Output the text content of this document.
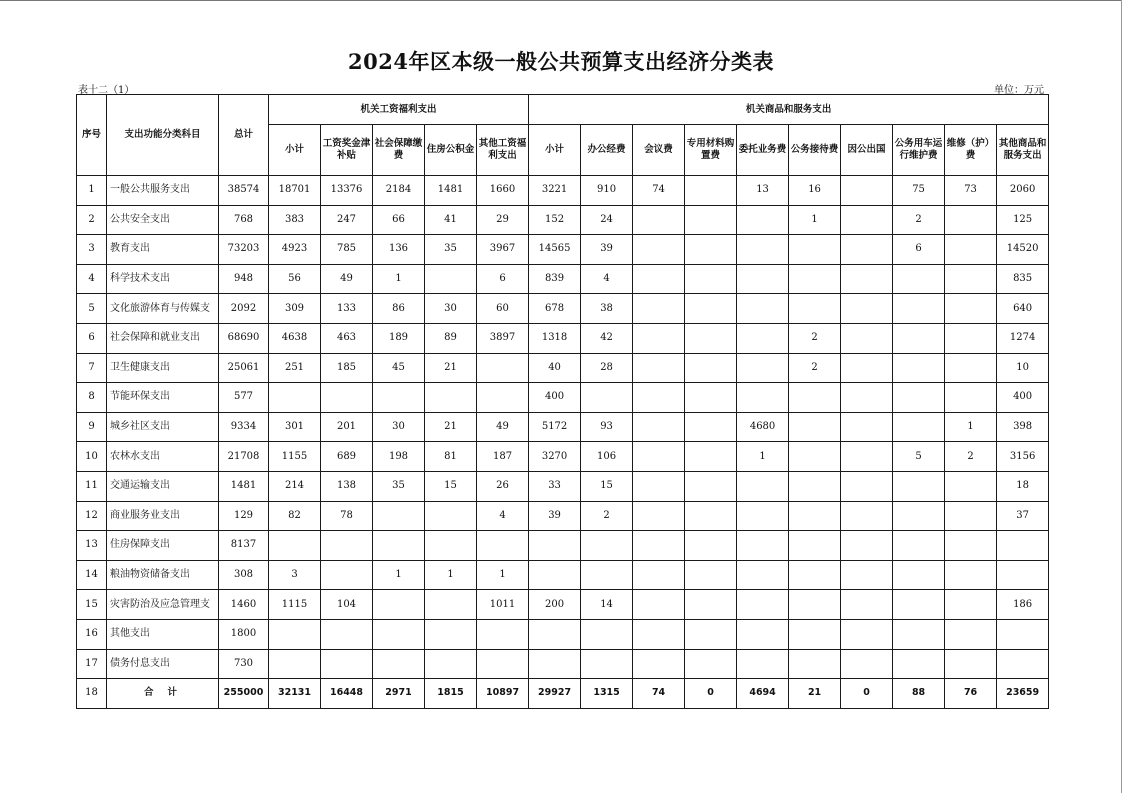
2024年区本级一般公共预算支出经济分类表
表十二（1）	单位：万元
序号	支出功能分类科目	总计	机关工资福利支出					机关商品和服务支出									
			小计	工资奖金津补贴	社会保障缴费	住房公积金	其他工资福利支出	小计	办公经费	会议费	专用材料购置费	委托业务费	公务接待费	因公出国	公务用车运行维护费	维修（护）费	其他商品和服务支出
1	一般公共服务支出	38574	18701	13376	2184	1481	1660	3221	910	74		13	16		75	73	2060
2	公共安全支出	768	383	247	66	41	29	152	24				1		2		125
3	教育支出	73203	4923	785	136	35	3967	14565	39						6		14520
4	科学技术支出	948	56	49	1		6	839	4								835
5	文化旅游体育与传媒支	2092	309	133	86	30	60	678	38								640
6	社会保障和就业支出	68690	4638	463	189	89	3897	1318	42				2				1274
7	卫生健康支出	25061	251	185	45	21		40	28				2				10
8	节能环保支出	577						400									400
9	城乡社区支出	9334	301	201	30	21	49	5172	93			4680				1	398
10	农林水支出	21708	1155	689	198	81	187	3270	106			1			5	2	3156
11	交通运输支出	1481	214	138	35	15	26	33	15								18
12	商业服务业支出	129	82	78			4	39	2								37
13	住房保障支出	8137															
14	粮油物资储备支出	308	3		1	1	1										
15	灾害防治及应急管理支	1460	1115	104			1011	200	14								186
16	其他支出	1800															
17	债务付息支出	730															
18	合计	255000	32131	16448	2971	1815	10897	29927	1315	74	0	4694	21	0	88	76	23659
